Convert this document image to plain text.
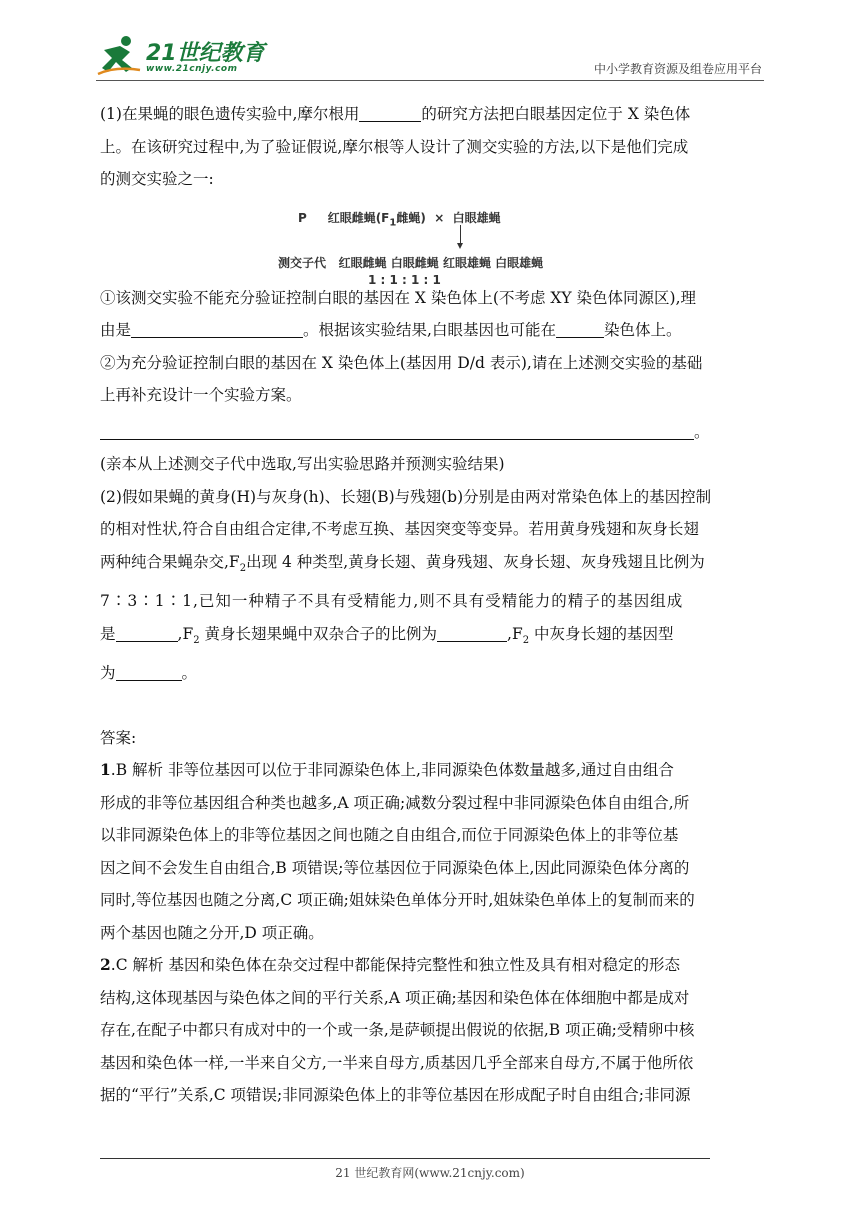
21世纪教育
www.21cnjy.com	中小学教育资源及组卷应用平台

(1)在果蝇的眼色遗传实验中,摩尔根用	的研究方法把白眼基因定位于 X 染色体

上。在该研究过程中,为了验证假说,摩尔根等人设计了测交实验的方法,以下是他们完成

的测交实验之一:

P 红眼雌蝇($F_1$雌蝇) × 白眼雄蝇
测交子代 红眼雌蝇 白眼雌蝇 红眼雄蝇 白眼雄蝇
1 : 1 : 1 : 1

①该测交实验不能充分验证控制白眼的基因在 X 染色体上(不考虑 XY 染色体同源区),理

由是	。根据该实验结果,白眼基因也可能在	染色体上。

②为充分验证控制白眼的基因在 X 染色体上(基因用 D/d 表示),请在上述测交实验的基础

上再补充设计一个实验方案。

。

(亲本从上述测交子代中选取,写出实验思路并预测实验结果)

(2)假如果蝇的黄身(H)与灰身(h)、长翅(B)与残翅(b)分别是由两对常染色体上的基因控制

的相对性状,符合自由组合定律,不考虑互换、基因突变等变异。若用黄身残翅和灰身长翅

两种纯合果蝇杂交$,F_2$出现 4 种类型,黄身长翅、黄身残翅、灰身长翅、灰身残翅且比例为

7∶3∶1∶1,已知一种精子不具有受精能力,则不具有受精能力的精子的基因组成

是	$,F_2$ 黄身长翅果蝇中双杂合子的比例为	$,F_2$ 中灰身长翅的基因型

为	。

答案:

1.B 解析 非等位基因可以位于非同源染色体上,非同源染色体数量越多,通过自由组合

形成的非等位基因组合种类也越多,A 项正确;减数分裂过程中非同源染色体自由组合,所

以非同源染色体上的非等位基因之间也随之自由组合,而位于同源染色体上的非等位基

因之间不会发生自由组合,B 项错误;等位基因位于同源染色体上,因此同源染色体分离的

同时,等位基因也随之分离,C 项正确;姐妹染色单体分开时,姐妹染色单体上的复制而来的

两个基因也随之分开,D 项正确。

2.C 解析 基因和染色体在杂交过程中都能保持完整性和独立性及具有相对稳定的形态

结构,这体现基因与染色体之间的平行关系,A 项正确;基因和染色体在体细胞中都是成对

存在,在配子中都只有成对中的一个或一条,是萨顿提出假说的依据,B 项正确;受精卵中核

基因和染色体一样,一半来自父方,一半来自母方,质基因几乎全部来自母方,不属于他所依

据的“平行”关系,C 项错误;非同源染色体上的非等位基因在形成配子时自由组合;非同源

21 世纪教育网(www.21cnjy.com)
